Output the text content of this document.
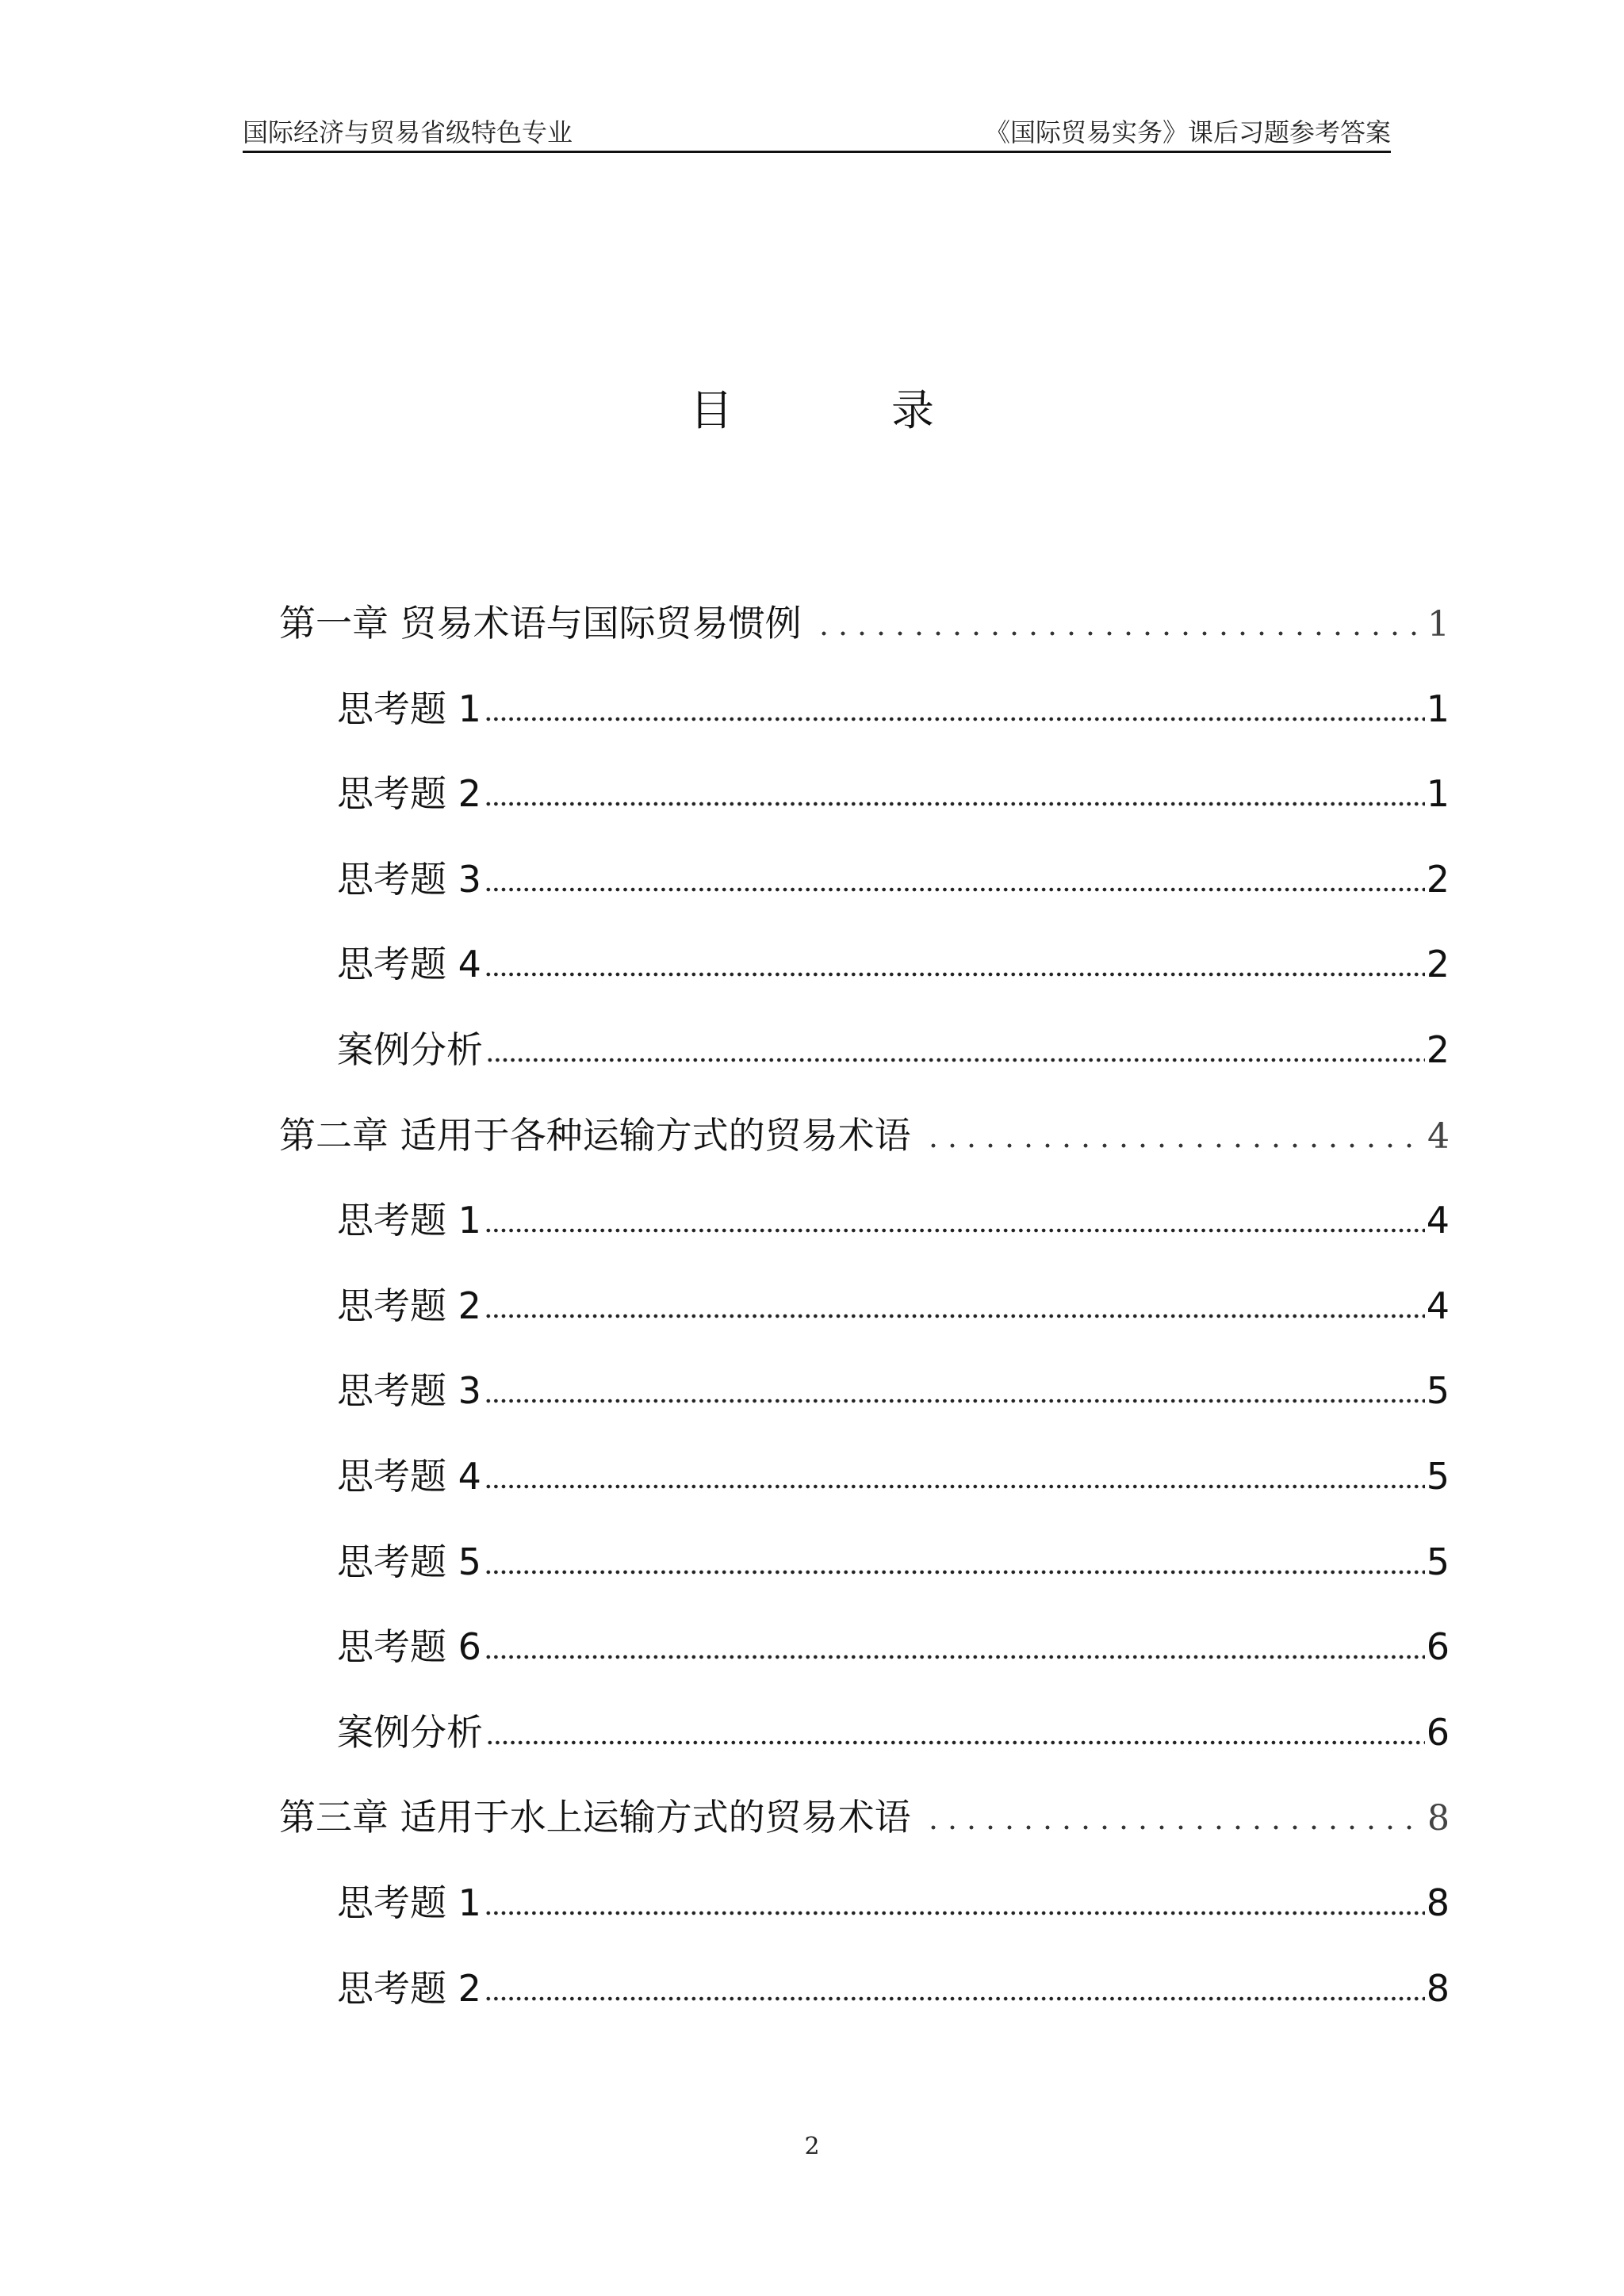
国际经济与贸易省级特色专业	《国际贸易实务》课后习题参考答案
目	录
第一章 贸易术语与国际贸易惯例	1
思考题 1	1
思考题 2	1
思考题 3	2
思考题 4	2
案例分析	2
第二章 适用于各种运输方式的贸易术语	4
思考题 1	4
思考题 2	4
思考题 3	5
思考题 4	5
思考题 5	5
思考题 6	6
案例分析	6
第三章 适用于水上运输方式的贸易术语	8
思考题 1	8
思考题 2	8
2
